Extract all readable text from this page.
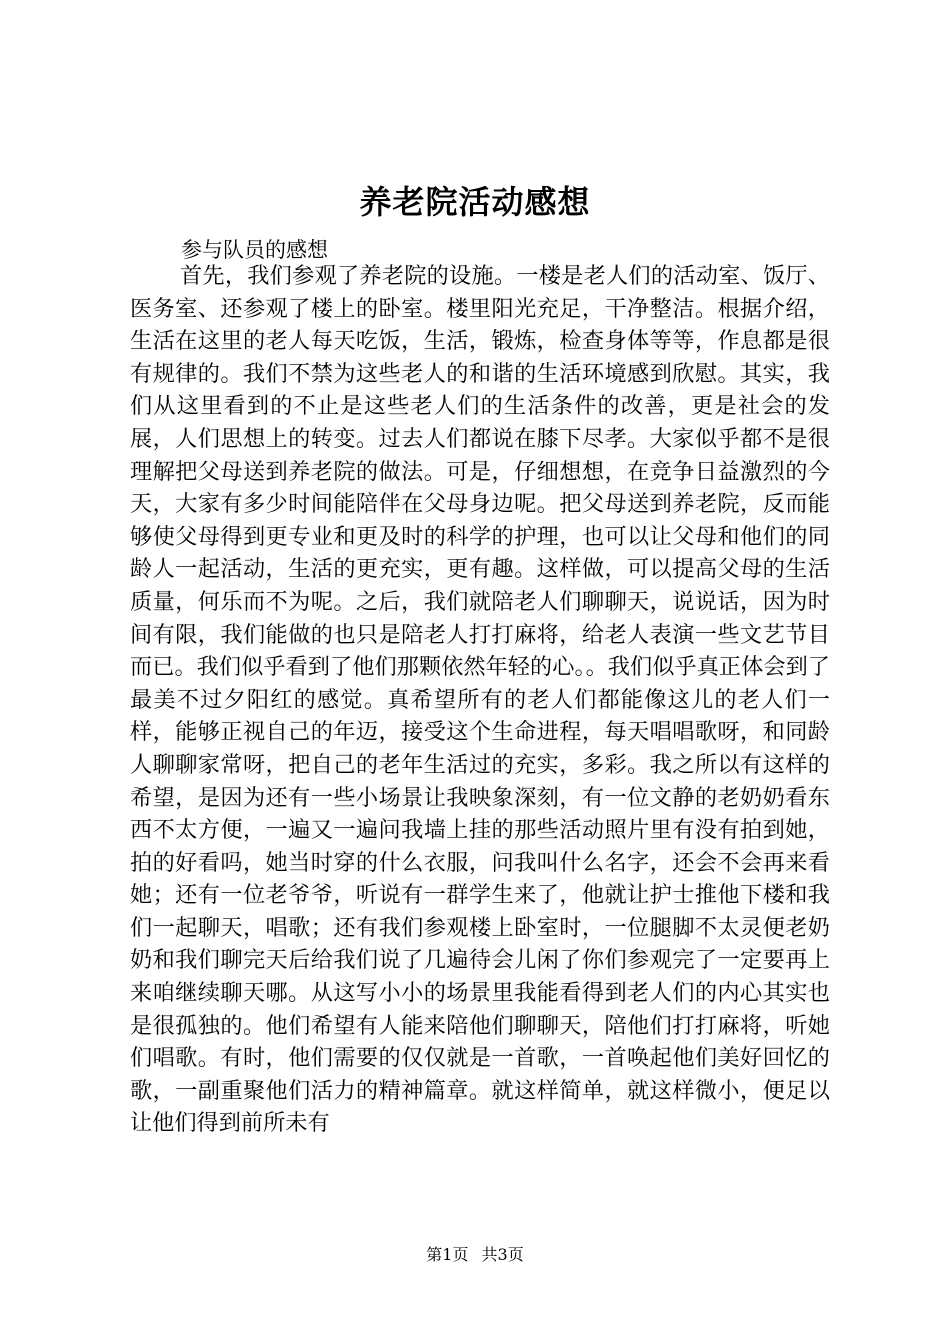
养老院活动感想
参与队员的感想

首先，我们参观了养老院的设施。一楼是老人们的活动室、饭厅、医务室、还参观了楼上的卧室。楼里阳光充足，干净整洁。根据介绍，生活在这里的老人每天吃饭，生活，锻炼，检查身体等等，作息都是很有规律的。我们不禁为这些老人的和谐的生活环境感到欣慰。其实，我们从这里看到的不止是这些老人们的生活条件的改善，更是社会的发展，人们思想上的转变。过去人们都说在膝下尽孝。大家似乎都不是很理解把父母送到养老院的做法。可是，仔细想想，在竞争日益激烈的今天，大家有多少时间能陪伴在父母身边呢。把父母送到养老院，反而能够使父母得到更专业和更及时的科学的护理，也可以让父母和他们的同龄人一起活动，生活的更充实，更有趣。这样做，可以提高父母的生活质量，何乐而不为呢。之后，我们就陪老人们聊聊天，说说话，因为时间有限，我们能做的也只是陪老人打打麻将，给老人表演一些文艺节目而已。我们似乎看到了他们那颗依然年轻的心。。我们似乎真正体会到了最美不过夕阳红的感觉。真希望所有的老人们都能像这儿的老人们一样，能够正视自己的年迈，接受这个生命进程，每天唱唱歌呀，和同龄人聊聊家常呀，把自己的老年生活过的充实，多彩。我之所以有这样的希望，是因为还有一些小场景让我映象深刻，有一位文静的老奶奶看东西不太方便，一遍又一遍问我墙上挂的那些活动照片里有没有拍到她，拍的好看吗，她当时穿的什么衣服，问我叫什么名字，还会不会再来看她；还有一位老爷爷，听说有一群学生来了，他就让护士推他下楼和我们一起聊天，唱歌；还有我们参观楼上卧室时，一位腿脚不太灵便老奶奶和我们聊完天后给我们说了几遍待会儿闲了你们参观完了一定要再上来咱继续聊天哪。从这写小小的场景里我能看得到老人们的内心其实也是很孤独的。他们希望有人能来陪他们聊聊天，陪他们打打麻将，听她们唱歌。有时，他们需要的仅仅就是一首歌，一首唤起他们美好回忆的歌，一副重聚他们活力的精神篇章。就这样简单，就这样微小，便足以让他们得到前所未有

第1页 共3页
